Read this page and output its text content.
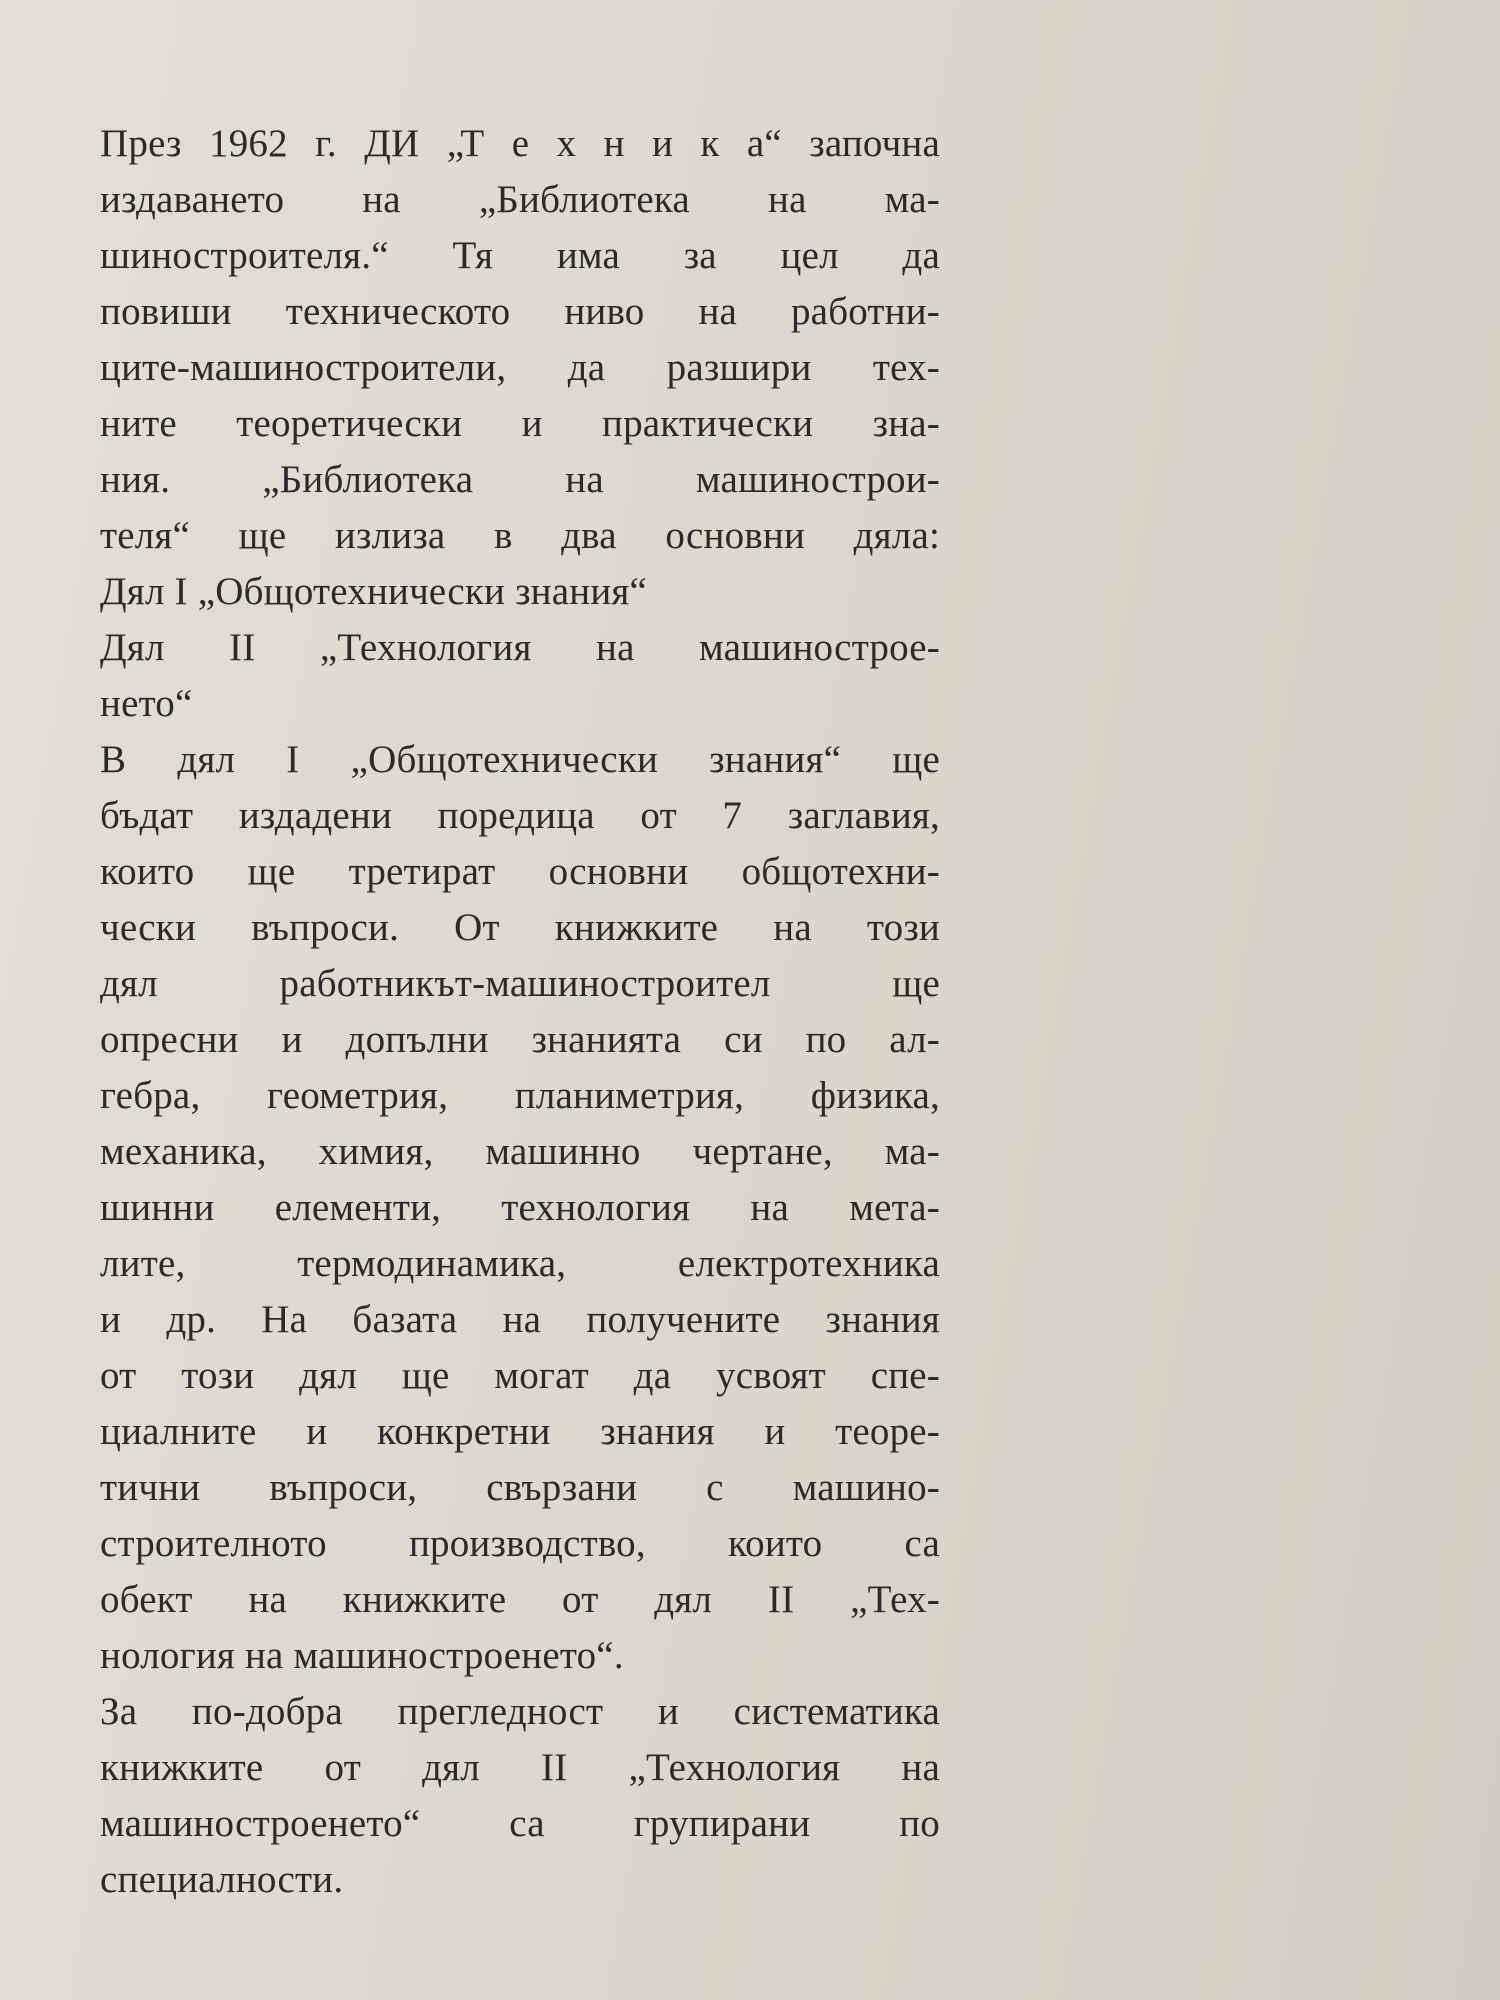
През 1962 г. ДИ „Т е х н и к а“ започна
издаването на „Библиотека на ма-
шиностроителя.“ Тя има за цел да
повиши техническото ниво на работни-
ците-машиностроители, да разшири тех-
ните теоретически и практически зна-
ния. „Библиотека на машинострои-
теля“ ще излиза в два основни дяла:
Дял I „Общотехнически знания“
Дял II „Технология на машинострое-
нето“
В дял I „Общотехнически знания“ ще
бъдат издадени поредица от 7 заглавия,
които ще третират основни общотехни-
чески въпроси. От книжките на този
дял работникът-машиностроител ще
опресни и допълни знанията си по ал-
гебра, геометрия, планиметрия, физика,
механика, химия, машинно чертане, ма-
шинни елементи, технология на мета-
лите, термодинамика, електротехника
и др. На базата на получените знания
от този дял ще могат да усвоят спе-
циалните и конкретни знания и теоре-
тични въпроси, свързани с машино-
строителното производство, които са
обект на книжките от дял II „Тех-
нология на машиностроенето“.
За по-добра прегледност и систематика
книжките от дял II „Технология на
машиностроенето“ са групирани по
специалности.
